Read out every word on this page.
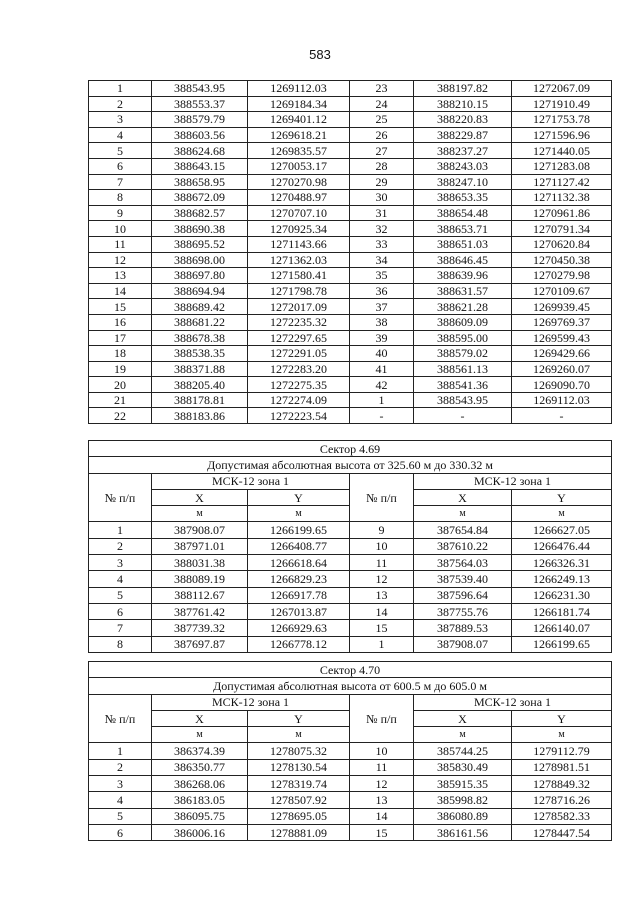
583
1	388543.95	1269112.03	23	388197.82	1272067.09
2	388553.37	1269184.34	24	388210.15	1271910.49
3	388579.79	1269401.12	25	388220.83	1271753.78
4	388603.56	1269618.21	26	388229.87	1271596.96
5	388624.68	1269835.57	27	388237.27	1271440.05
6	388643.15	1270053.17	28	388243.03	1271283.08
7	388658.95	1270270.98	29	388247.10	1271127.42
8	388672.09	1270488.97	30	388653.35	1271132.38
9	388682.57	1270707.10	31	388654.48	1270961.86
10	388690.38	1270925.34	32	388653.71	1270791.34
11	388695.52	1271143.66	33	388651.03	1270620.84
12	388698.00	1271362.03	34	388646.45	1270450.38
13	388697.80	1271580.41	35	388639.96	1270279.98
14	388694.94	1271798.78	36	388631.57	1270109.67
15	388689.42	1272017.09	37	388621.28	1269939.45
16	388681.22	1272235.32	38	388609.09	1269769.37
17	388678.38	1272297.65	39	388595.00	1269599.43
18	388538.35	1272291.05	40	388579.02	1269429.66
19	388371.88	1272283.20	41	388561.13	1269260.07
20	388205.40	1272275.35	42	388541.36	1269090.70
21	388178.81	1272274.09	1	388543.95	1269112.03
22	388183.86	1272223.54	-	-	-
Сектор 4.69					
Допустимая абсолютная высота от 325.60 м до 330.32 м					
№ п/п	МСК-12 зона 1		№ п/п	МСК-12 зона 1	
	X	Y		X	Y
	м	м		м	м
1	387908.07	1266199.65	9	387654.84	1266627.05
2	387971.01	1266408.77	10	387610.22	1266476.44
3	388031.38	1266618.64	11	387564.03	1266326.31
4	388089.19	1266829.23	12	387539.40	1266249.13
5	388112.67	1266917.78	13	387596.64	1266231.30
6	387761.42	1267013.87	14	387755.76	1266181.74
7	387739.32	1266929.63	15	387889.53	1266140.07
8	387697.87	1266778.12	1	387908.07	1266199.65
Сектор 4.70					
Допустимая абсолютная высота от 600.5 м до 605.0 м					
№ п/п	МСК-12 зона 1		№ п/п	МСК-12 зона 1	
	X	Y		X	Y
	м	м		м	м
1	386374.39	1278075.32	10	385744.25	1279112.79
2	386350.77	1278130.54	11	385830.49	1278981.51
3	386268.06	1278319.74	12	385915.35	1278849.32
4	386183.05	1278507.92	13	385998.82	1278716.26
5	386095.75	1278695.05	14	386080.89	1278582.33
6	386006.16	1278881.09	15	386161.56	1278447.54
